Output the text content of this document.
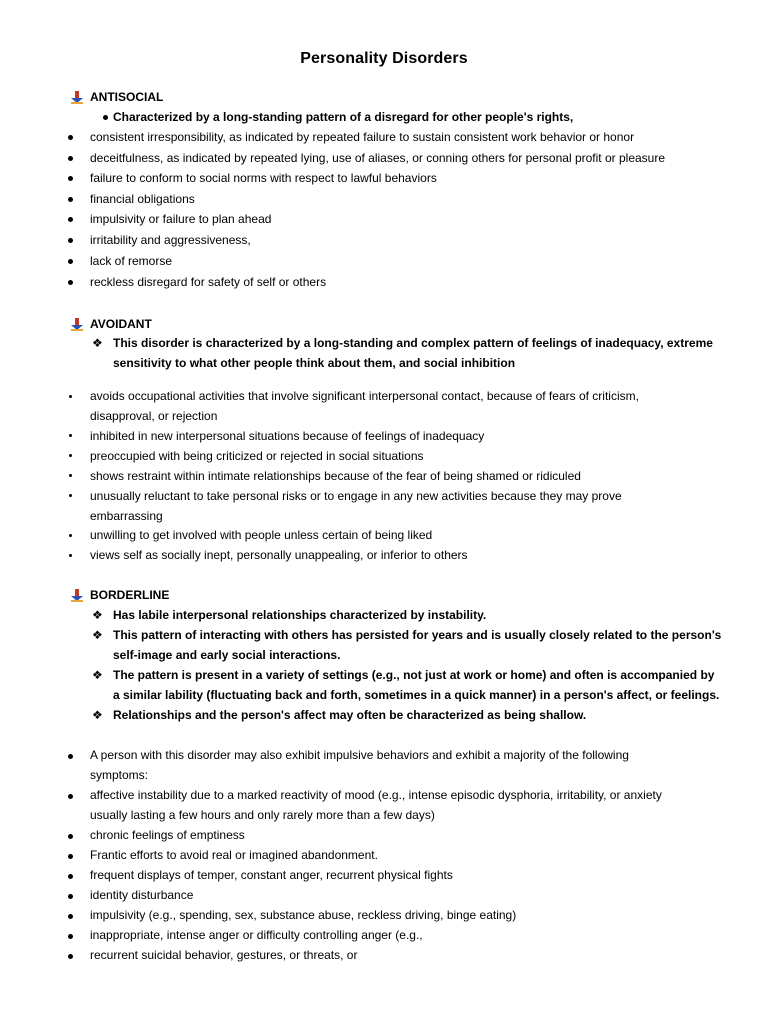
Personality Disorders
ANTISOCIAL
Characterized by a long-standing pattern of a disregard for other people's rights,
consistent irresponsibility, as indicated by repeated failure to sustain consistent work behavior or honor
deceitfulness, as indicated by repeated lying, use of aliases, or conning others for personal profit or pleasure
failure to conform to social norms with respect to lawful behaviors
financial obligations
impulsivity or failure to plan ahead
irritability and aggressiveness,
lack of remorse
reckless disregard for safety of self or others
AVOIDANT
❖ This disorder is characterized by a long-standing and complex pattern of feelings of inadequacy, extreme
sensitivity to what other people think about them, and social inhibition
avoids occupational activities that involve significant interpersonal contact, because of fears of criticism,
disapproval, or rejection
inhibited in new interpersonal situations because of feelings of inadequacy
preoccupied with being criticized or rejected in social situations
shows restraint within intimate relationships because of the fear of being shamed or ridiculed
unusually reluctant to take personal risks or to engage in any new activities because they may prove
embarrassing
unwilling to get involved with people unless certain of being liked
views self as socially inept, personally unappealing, or inferior to others
BORDERLINE
❖ Has labile interpersonal relationships characterized by instability.
❖ This pattern of interacting with others has persisted for years and is usually closely related to the person's
self-image and early social interactions.
❖ The pattern is present in a variety of settings (e.g., not just at work or home) and often is accompanied by
a similar lability (fluctuating back and forth, sometimes in a quick manner) in a person's affect, or feelings.
❖ Relationships and the person's affect may often be characterized as being shallow.
A person with this disorder may also exhibit impulsive behaviors and exhibit a majority of the following
symptoms:
affective instability due to a marked reactivity of mood (e.g., intense episodic dysphoria, irritability, or anxiety
usually lasting a few hours and only rarely more than a few days)
chronic feelings of emptiness
Frantic efforts to avoid real or imagined abandonment.
frequent displays of temper, constant anger, recurrent physical fights
identity disturbance
impulsivity (e.g., spending, sex, substance abuse, reckless driving, binge eating)
inappropriate, intense anger or difficulty controlling anger (e.g.,
recurrent suicidal behavior, gestures, or threats, or
